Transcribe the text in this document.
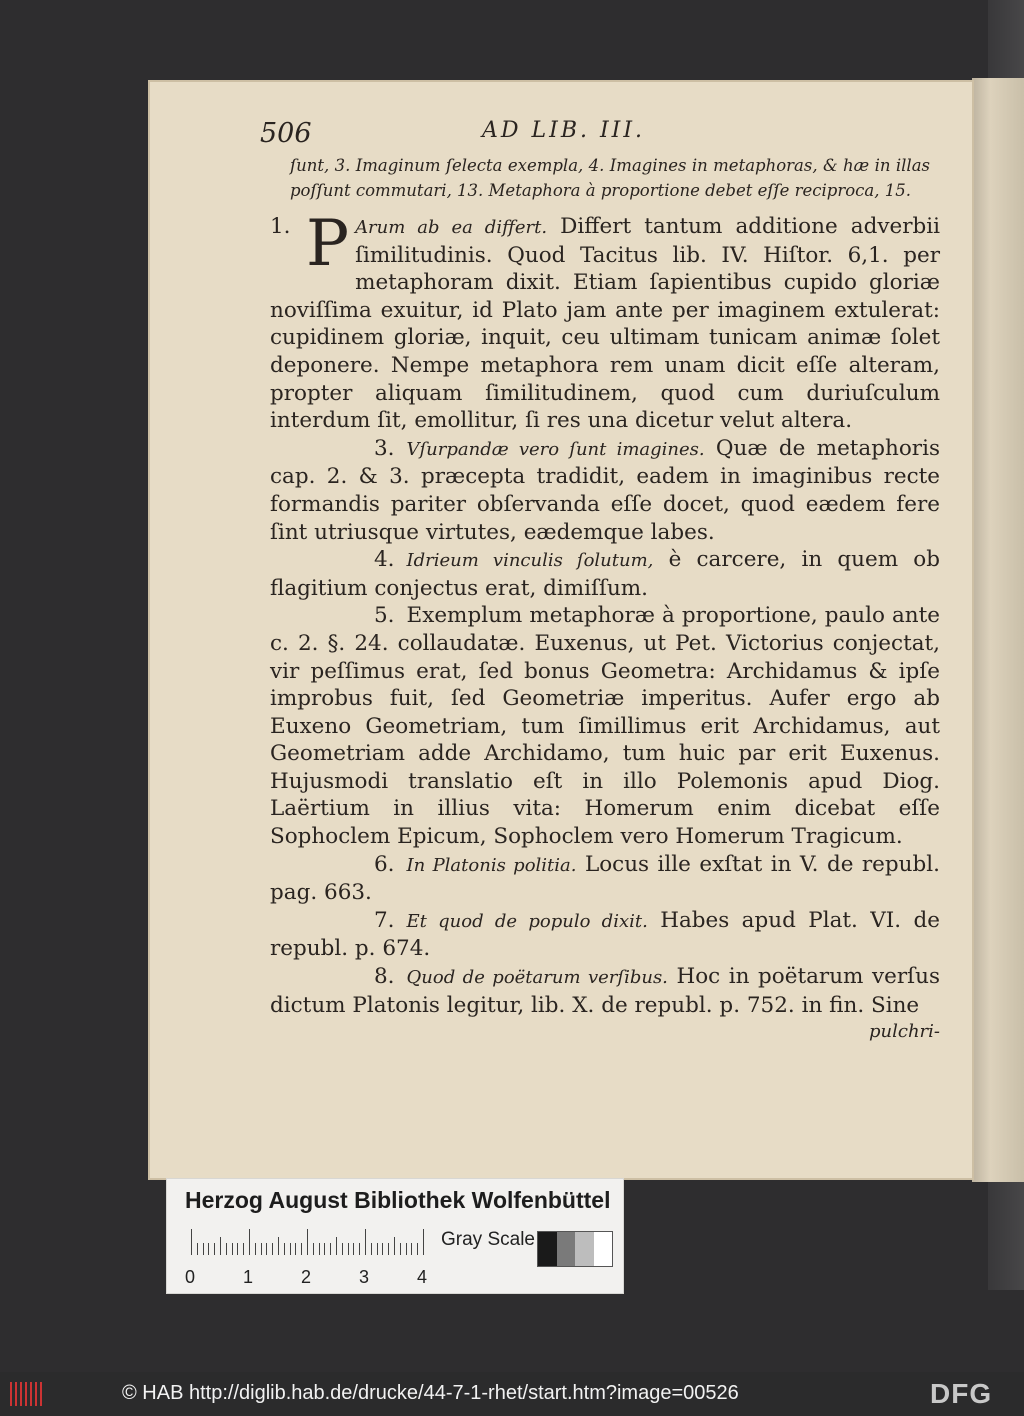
506	AD LIB. III.

ſunt, 3. Imaginum ſelecta exempla, 4. Imagines in metaphoras, & hæ in illas poſſunt commutari, 13. Metaphora à proportione debet eſſe reciproca, 15.

1. P Arum ab ea differt. Differt tantum additione adverbii ſimilitudinis. Quod Tacitus lib. IV. Hiſtor. 6,1. per metaphoram dixit. Etiam ſapientibus cupido gloriæ noviſſima exuitur, id Plato jam ante per imaginem extulerat: cupidinem gloriæ, inquit, ceu ultimam tunicam animæ ſolet deponere. Nempe metaphora rem unam dicit eſſe alteram, propter aliquam ſimilitudinem, quod cum duriuſculum interdum ſit, emollitur, ſi res una dicetur velut altera.

3. Vſurpandæ vero ſunt imagines. Quæ de metaphoris cap. 2. & 3. præcepta tradidit, eadem in imaginibus recte formandis pariter obſervanda eſſe docet, quod eædem fere ſint utriusque virtutes, eædemque labes.

4. Idrieum vinculis ſolutum, è carcere, in quem ob flagitium conjectus erat, dimiſſum.

5. Exemplum metaphoræ à proportione, paulo ante c. 2. §. 24. collaudatæ. Euxenus, ut Pet. Victorius conjectat, vir peſſimus erat, ſed bonus Geometra: Archidamus & ipſe improbus fuit, ſed Geometriæ imperitus. Aufer ergo ab Euxeno Geometriam, tum ſimillimus erit Archidamus, aut Geometriam adde Archidamo, tum huic par erit Euxenus. Hujusmodi translatio eſt in illo Polemonis apud Diog. Laërtium in illius vita: Homerum enim dicebat eſſe Sophoclem Epicum, Sophoclem vero Homerum Tragicum.

6. In Platonis politia. Locus ille exſtat in V. de republ. pag. 663.

7. Et quod de populo dixit. Habes apud Plat. VI. de republ. p. 674.

8. Quod de poëtarum verſibus. Hoc in poëtarum verſus dictum Platonis legitur, lib. X. de republ. p. 752. in fin. Sine

pulchri-

Herzog August Bibliothek Wolfenbüttel
0	1	2	3	4
Gray Scale
© HAB http://diglib.hab.de/drucke/44-7-1-rhet/start.htm?image=00526	DFG
